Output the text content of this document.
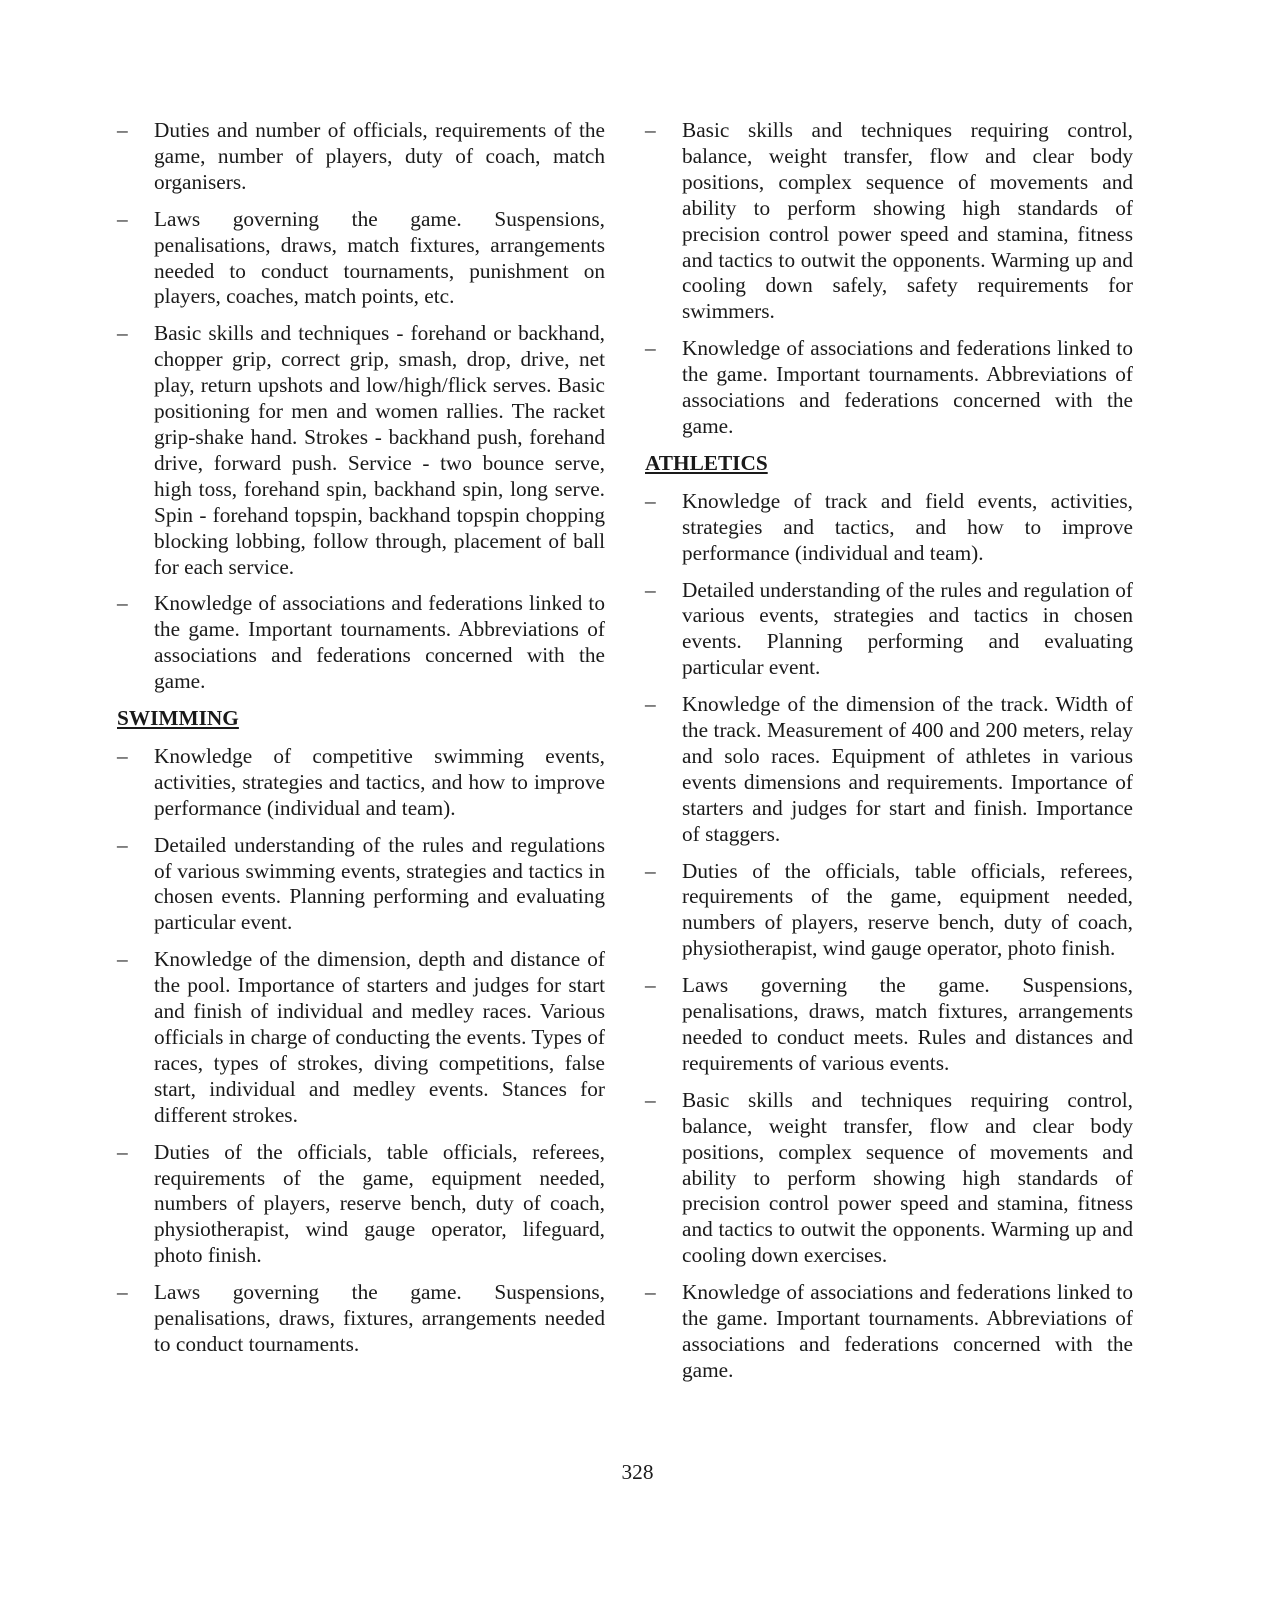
– Duties and number of officials, requirements of the game, number of players, duty of coach, match organisers.
– Laws governing the game. Suspensions, penalisations, draws, match fixtures, arrangements needed to conduct tournaments, punishment on players, coaches, match points, etc.
– Basic skills and techniques - forehand or backhand, chopper grip, correct grip, smash, drop, drive, net play, return upshots and low/high/flick serves. Basic positioning for men and women rallies. The racket grip-shake hand. Strokes - backhand push, forehand drive, forward push. Service - two bounce serve, high toss, forehand spin, backhand spin, long serve. Spin - forehand topspin, backhand topspin chopping blocking lobbing, follow through, placement of ball for each service.
– Knowledge of associations and federations linked to the game. Important tournaments. Abbreviations of associations and federations concerned with the game.
SWIMMING
– Knowledge of competitive swimming events, activities, strategies and tactics, and how to improve performance (individual and team).
– Detailed understanding of the rules and regulations of various swimming events, strategies and tactics in chosen events. Planning performing and evaluating particular event.
– Knowledge of the dimension, depth and distance of the pool. Importance of starters and judges for start and finish of individual and medley races. Various officials in charge of conducting the events. Types of races, types of strokes, diving competitions, false start, individual and medley events. Stances for different strokes.
– Duties of the officials, table officials, referees, requirements of the game, equipment needed, numbers of players, reserve bench, duty of coach, physiotherapist, wind gauge operator, lifeguard, photo finish.
– Laws governing the game. Suspensions, penalisations, draws, fixtures, arrangements needed to conduct tournaments.
– Basic skills and techniques requiring control, balance, weight transfer, flow and clear body positions, complex sequence of movements and ability to perform showing high standards of precision control power speed and stamina, fitness and tactics to outwit the opponents. Warming up and cooling down safely, safety requirements for swimmers.
– Knowledge of associations and federations linked to the game. Important tournaments. Abbreviations of associations and federations concerned with the game.
ATHLETICS
– Knowledge of track and field events, activities, strategies and tactics, and how to improve performance (individual and team).
– Detailed understanding of the rules and regulation of various events, strategies and tactics in chosen events. Planning performing and evaluating particular event.
– Knowledge of the dimension of the track. Width of the track. Measurement of 400 and 200 meters, relay and solo races. Equipment of athletes in various events dimensions and requirements. Importance of starters and judges for start and finish. Importance of staggers.
– Duties of the officials, table officials, referees, requirements of the game, equipment needed, numbers of players, reserve bench, duty of coach, physiotherapist, wind gauge operator, photo finish.
– Laws governing the game. Suspensions, penalisations, draws, match fixtures, arrangements needed to conduct meets. Rules and distances and requirements of various events.
– Basic skills and techniques requiring control, balance, weight transfer, flow and clear body positions, complex sequence of movements and ability to perform showing high standards of precision control power speed and stamina, fitness and tactics to outwit the opponents. Warming up and cooling down exercises.
– Knowledge of associations and federations linked to the game. Important tournaments. Abbreviations of associations and federations concerned with the game.
328
